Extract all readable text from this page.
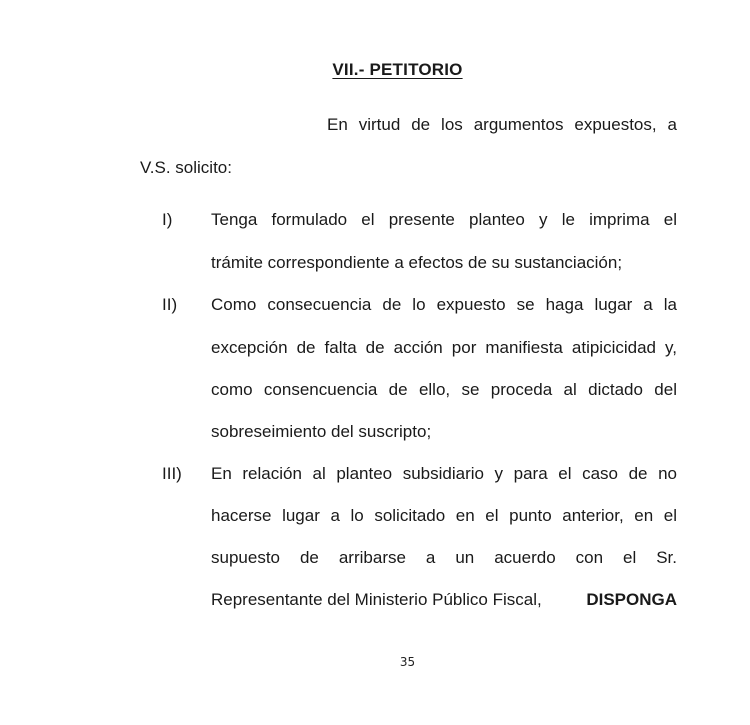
VII.- PETITORIO
En virtud de los argumentos expuestos, a
V.S. solicito:
I) Tenga formulado el presente planteo y le imprima el
trámite correspondiente a efectos de su sustanciación;
II) Como consecuencia de lo expuesto se haga lugar a la
excepción de falta de acción por manifiesta atipicicidad y,
como consencuencia de ello, se proceda al dictado del
sobreseimiento del suscripto;
III) En relación al planteo subsidiario y para el caso de no
hacerse lugar a lo solicitado en el punto anterior, en el
supuesto de arribarse a un acuerdo con el Sr.
Representante del Ministerio Público Fiscal,	DISPONGA
35
